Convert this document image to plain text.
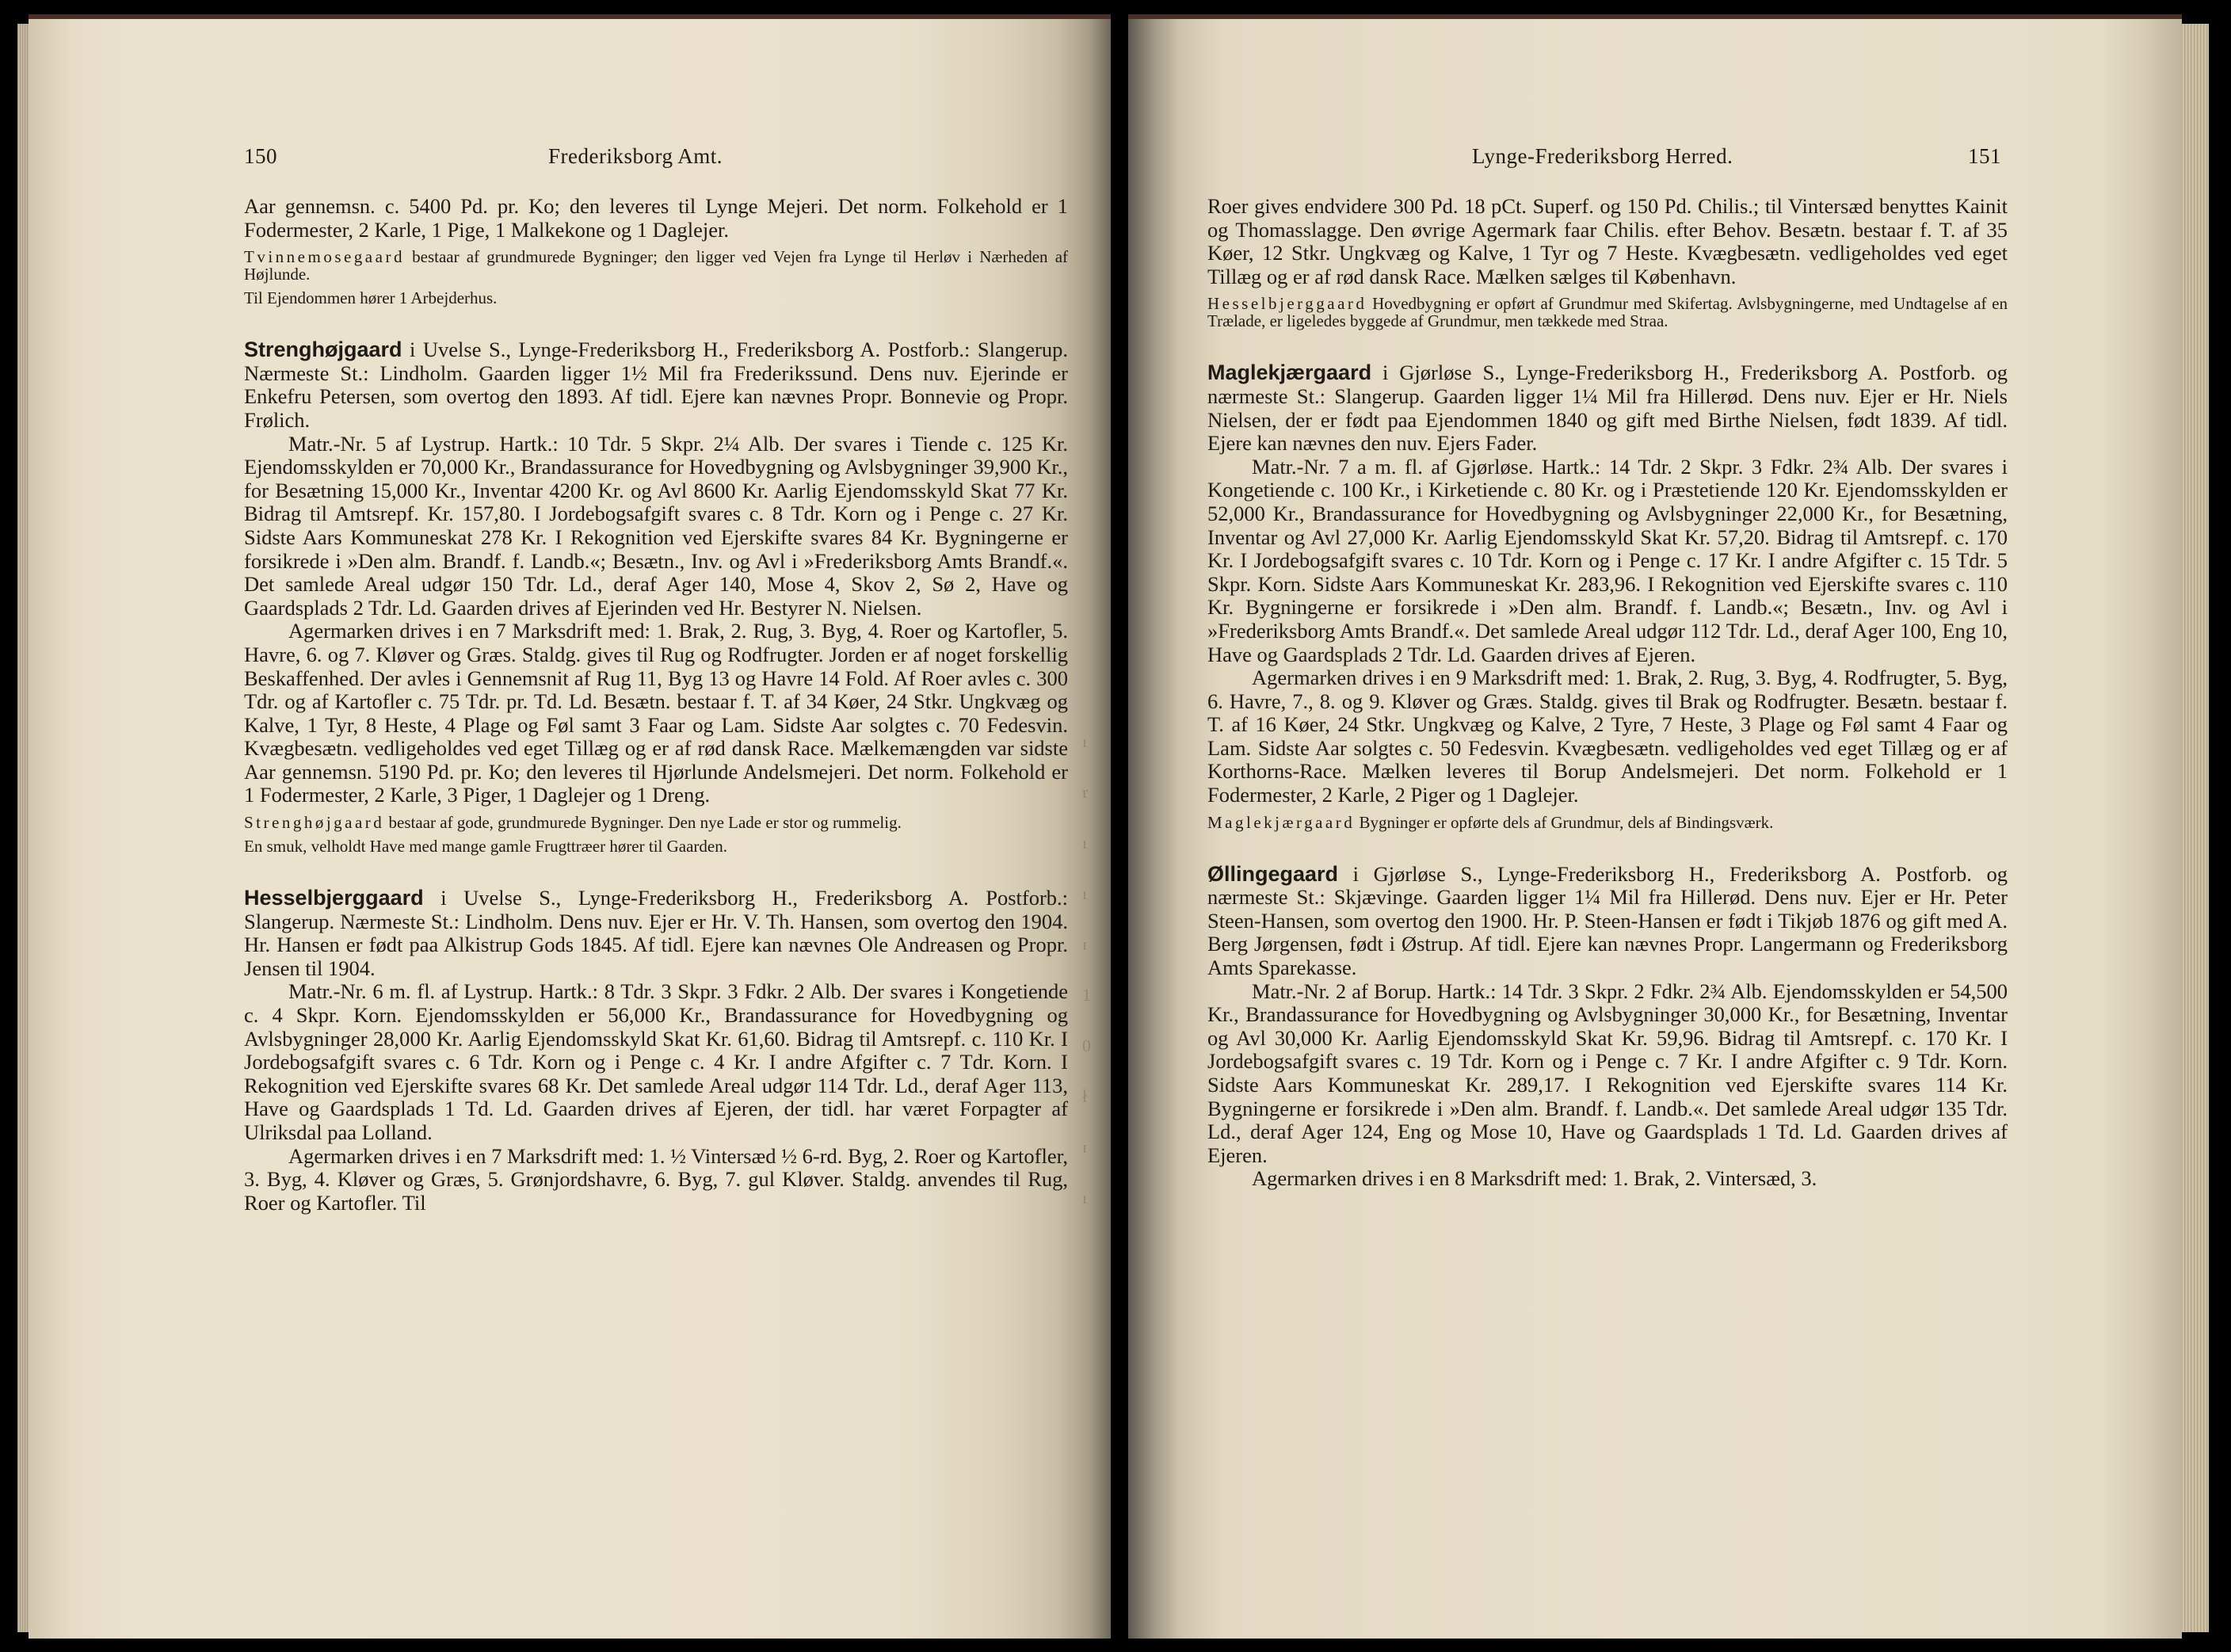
150	Frederiksborg Amt.

Aar gennemsn. c. 5400 Pd. pr. Ko; den leveres til Lynge Mejeri. Det norm. Folkehold er 1 Fodermester, 2 Karle, 1 Pige, 1 Malkekone og 1 Daglejer.

Tvinnemosegaard bestaar af grundmurede Bygninger; den ligger ved Vejen fra Lynge til Herløv i Nærheden af Højlunde.

Til Ejendommen hører 1 Arbejderhus.

Strenghøjgaard i Uvelse S., Lynge-Frederiksborg H., Frederiksborg A. Postforb.: Slangerup. Nærmeste St.: Lindholm. Gaarden ligger 1½ Mil fra Frederikssund. Dens nuv. Ejerinde er Enkefru Petersen, som overtog den 1893. Af tidl. Ejere kan nævnes Propr. Bonnevie og Propr. Frølich.

Matr.-Nr. 5 af Lystrup. Hartk.: 10 Tdr. 5 Skpr. 2¼ Alb. Der svares i Tiende c. 125 Kr. Ejendomsskylden er 70,000 Kr., Brandassurance for Hovedbygning og Avlsbygninger 39,900 Kr., for Besætning 15,000 Kr., Inventar 4200 Kr. og Avl 8600 Kr. Aarlig Ejendomsskyld Skat 77 Kr. Bidrag til Amtsrepf. Kr. 157,80. I Jordebogsafgift svares c. 8 Tdr. Korn og i Penge c. 27 Kr. Sidste Aars Kommuneskat 278 Kr. I Rekognition ved Ejerskifte svares 84 Kr. Bygningerne er forsikrede i »Den alm. Brandf. f. Landb.«; Besætn., Inv. og Avl i »Frederiksborg Amts Brandf.«. Det samlede Areal udgør 150 Tdr. Ld., deraf Ager 140, Mose 4, Skov 2, Sø 2, Have og Gaardsplads 2 Tdr. Ld. Gaarden drives af Ejerinden ved Hr. Bestyrer N. Nielsen.

Agermarken drives i en 7 Marksdrift med: 1. Brak, 2. Rug, 3. Byg, 4. Roer og Kartofler, 5. Havre, 6. og 7. Kløver og Græs. Staldg. gives til Rug og Rodfrugter. Jorden er af noget forskellig Beskaffenhed. Der avles i Gennemsnit af Rug 11, Byg 13 og Havre 14 Fold. Af Roer avles c. 300 Tdr. og af Kartofler c. 75 Tdr. pr. Td. Ld. Besætn. bestaar f. T. af 34 Køer, 24 Stkr. Ungkvæg og Kalve, 1 Tyr, 8 Heste, 4 Plage og Føl samt 3 Faar og Lam. Sidste Aar solgtes c. 70 Fedesvin. Kvægbesætn. vedligeholdes ved eget Tillæg og er af rød dansk Race. Mælkemængden var sidste Aar gennemsn. 5190 Pd. pr. Ko; den leveres til Hjørlunde Andelsmejeri. Det norm. Folkehold er 1 Fodermester, 2 Karle, 3 Piger, 1 Daglejer og 1 Dreng.

Strenghøjgaard bestaar af gode, grundmurede Bygninger. Den nye Lade er stor og rummelig.

En smuk, velholdt Have med mange gamle Frugttræer hører til Gaarden.

Hesselbjerggaard i Uvelse S., Lynge-Frederiksborg H., Frederiksborg A. Postforb.: Slangerup. Nærmeste St.: Lindholm. Dens nuv. Ejer er Hr. V. Th. Hansen, som overtog den 1904. Hr. Hansen er født paa Alkistrup Gods 1845. Af tidl. Ejere kan nævnes Ole Andreasen og Propr. Jensen til 1904.

Matr.-Nr. 6 m. fl. af Lystrup. Hartk.: 8 Tdr. 3 Skpr. 3 Fdkr. 2 Alb. Der svares i Kongetiende c. 4 Skpr. Korn. Ejendomsskylden er 56,000 Kr., Brandassurance for Hovedbygning og Avlsbygninger 28,000 Kr. Aarlig Ejendomsskyld Skat Kr. 61,60. Bidrag til Amtsrepf. c. 110 Kr. I Jordebogsafgift svares c. 6 Tdr. Korn og i Penge c. 4 Kr. I andre Afgifter c. 7 Tdr. Korn. I Rekognition ved Ejerskifte svares 68 Kr. Det samlede Areal udgør 114 Tdr. Ld., deraf Ager 113, Have og Gaardsplads 1 Td. Ld. Gaarden drives af Ejeren, der tidl. har været Forpagter af Ulriksdal paa Lolland.

Agermarken drives i en 7 Marksdrift med: 1. ½ Vintersæd ½ 6-rd. Byg, 2. Roer og Kartofler, 3. Byg, 4. Kløver og Græs, 5. Grønjordshavre, 6. Byg, 7. gul Kløver. Staldg. anvendes til Rug, Roer og Kartofler. Til

ı
r
ı
ı
ɪ
1
0
ł
ɪ
ı
Lynge-Frederiksborg Herred.	151

Roer gives endvidere 300 Pd. 18 pCt. Superf. og 150 Pd. Chilis.; til Vintersæd benyttes Kainit og Thomasslagge. Den øvrige Agermark faar Chilis. efter Behov. Besætn. bestaar f. T. af 35 Køer, 12 Stkr. Ungkvæg og Kalve, 1 Tyr og 7 Heste. Kvægbesætn. vedligeholdes ved eget Tillæg og er af rød dansk Race. Mælken sælges til København.

Hesselbjerggaard Hovedbygning er opført af Grundmur med Skifertag. Avlsbygningerne, med Undtagelse af en Trælade, er ligeledes byggede af Grundmur, men tækkede med Straa.

Maglekjærgaard i Gjørløse S., Lynge-Frederiksborg H., Frederiksborg A. Postforb. og nærmeste St.: Slangerup. Gaarden ligger 1¼ Mil fra Hillerød. Dens nuv. Ejer er Hr. Niels Nielsen, der er født paa Ejendommen 1840 og gift med Birthe Nielsen, født 1839. Af tidl. Ejere kan nævnes den nuv. Ejers Fader.

Matr.-Nr. 7 a m. fl. af Gjørløse. Hartk.: 14 Tdr. 2 Skpr. 3 Fdkr. 2¾ Alb. Der svares i Kongetiende c. 100 Kr., i Kirketiende c. 80 Kr. og i Præstetiende 120 Kr. Ejendomsskylden er 52,000 Kr., Brandassurance for Hovedbygning og Avlsbygninger 22,000 Kr., for Besætning, Inventar og Avl 27,000 Kr. Aarlig Ejendomsskyld Skat Kr. 57,20. Bidrag til Amtsrepf. c. 170 Kr. I Jordebogsafgift svares c. 10 Tdr. Korn og i Penge c. 17 Kr. I andre Afgifter c. 15 Tdr. 5 Skpr. Korn. Sidste Aars Kommuneskat Kr. 283,96. I Rekognition ved Ejerskifte svares c. 110 Kr. Bygningerne er forsikrede i »Den alm. Brandf. f. Landb.«; Besætn., Inv. og Avl i »Frederiksborg Amts Brandf.«. Det samlede Areal udgør 112 Tdr. Ld., deraf Ager 100, Eng 10, Have og Gaardsplads 2 Tdr. Ld. Gaarden drives af Ejeren.

Agermarken drives i en 9 Marksdrift med: 1. Brak, 2. Rug, 3. Byg, 4. Rodfrugter, 5. Byg, 6. Havre, 7., 8. og 9. Kløver og Græs. Staldg. gives til Brak og Rodfrugter. Besætn. bestaar f. T. af 16 Køer, 24 Stkr. Ungkvæg og Kalve, 2 Tyre, 7 Heste, 3 Plage og Føl samt 4 Faar og Lam. Sidste Aar solgtes c. 50 Fedesvin. Kvægbesætn. vedligeholdes ved eget Tillæg og er af Korthorns-Race. Mælken leveres til Borup Andelsmejeri. Det norm. Folkehold er 1 Fodermester, 2 Karle, 2 Piger og 1 Daglejer.

Maglekjærgaard Bygninger er opførte dels af Grundmur, dels af Bindingsværk.

Øllingegaard i Gjørløse S., Lynge-Frederiksborg H., Frederiksborg A. Postforb. og nærmeste St.: Skjævinge. Gaarden ligger 1¼ Mil fra Hillerød. Dens nuv. Ejer er Hr. Peter Steen-Hansen, som overtog den 1900. Hr. P. Steen-Hansen er født i Tikjøb 1876 og gift med A. Berg Jørgensen, født i Østrup. Af tidl. Ejere kan nævnes Propr. Langermann og Frederiksborg Amts Sparekasse.

Matr.-Nr. 2 af Borup. Hartk.: 14 Tdr. 3 Skpr. 2 Fdkr. 2¾ Alb. Ejendomsskylden er 54,500 Kr., Brandassurance for Hovedbygning og Avlsbygninger 30,000 Kr., for Besætning, Inventar og Avl 30,000 Kr. Aarlig Ejendomsskyld Skat Kr. 59,96. Bidrag til Amtsrepf. c. 170 Kr. I Jordebogsafgift svares c. 19 Tdr. Korn og i Penge c. 7 Kr. I andre Afgifter c. 9 Tdr. Korn. Sidste Aars Kommuneskat Kr. 289,17. I Rekognition ved Ejerskifte svares 114 Kr. Bygningerne er forsikrede i »Den alm. Brandf. f. Landb.«. Det samlede Areal udgør 135 Tdr. Ld., deraf Ager 124, Eng og Mose 10, Have og Gaardsplads 1 Td. Ld. Gaarden drives af Ejeren.

Agermarken drives i en 8 Marksdrift med: 1. Brak, 2. Vintersæd, 3.
